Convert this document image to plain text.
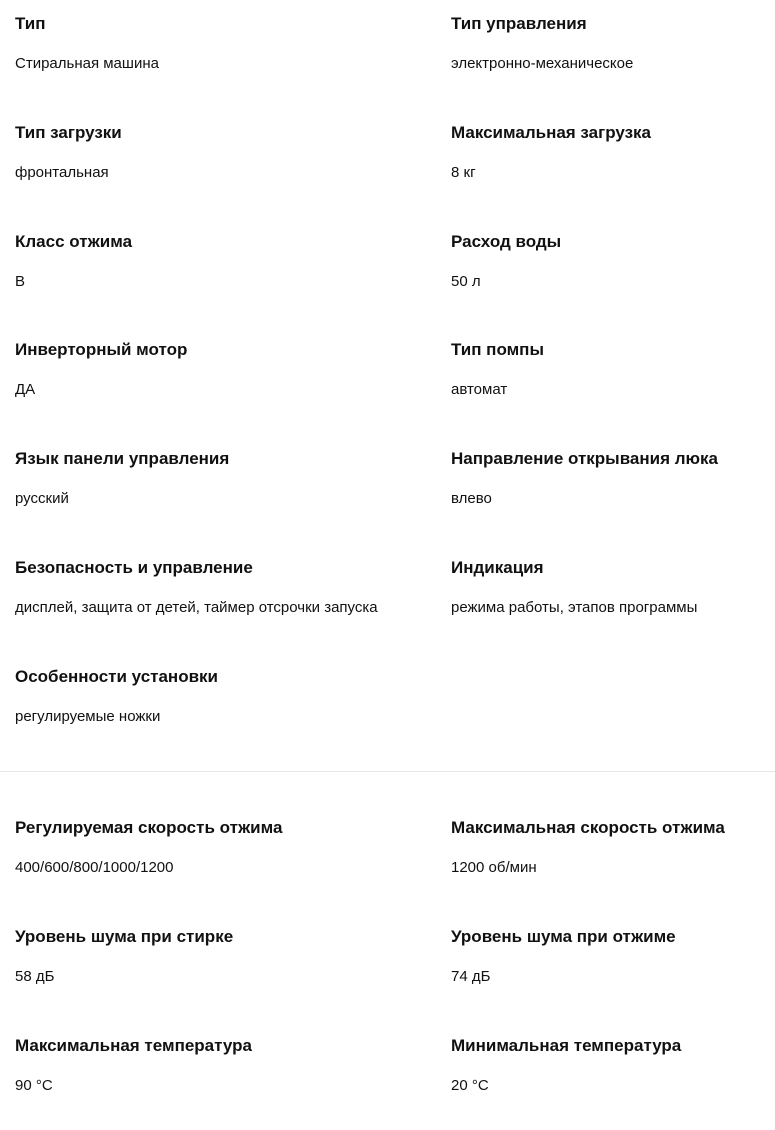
Тип
Стиральная машина
Тип управления
электронно-механическое
Тип загрузки
фронтальная
Максимальная загрузка
8 кг
Класс отжима
B
Расход воды
50 л
Инверторный мотор
ДА
Тип помпы
автомат
Язык панели управления
русский
Направление открывания люка
влево
Безопасность и управление
дисплей, защита от детей, таймер отсрочки запуска
Индикация
режима работы, этапов программы
Особенности установки
регулируемые ножки
Регулируемая скорость отжима
400/600/800/1000/1200
Максимальная скорость отжима
1200 об/мин
Уровень шума при стирке
58 дБ
Уровень шума при отжиме
74 дБ
Максимальная температура
90 °C
Минимальная температура
20 °C
